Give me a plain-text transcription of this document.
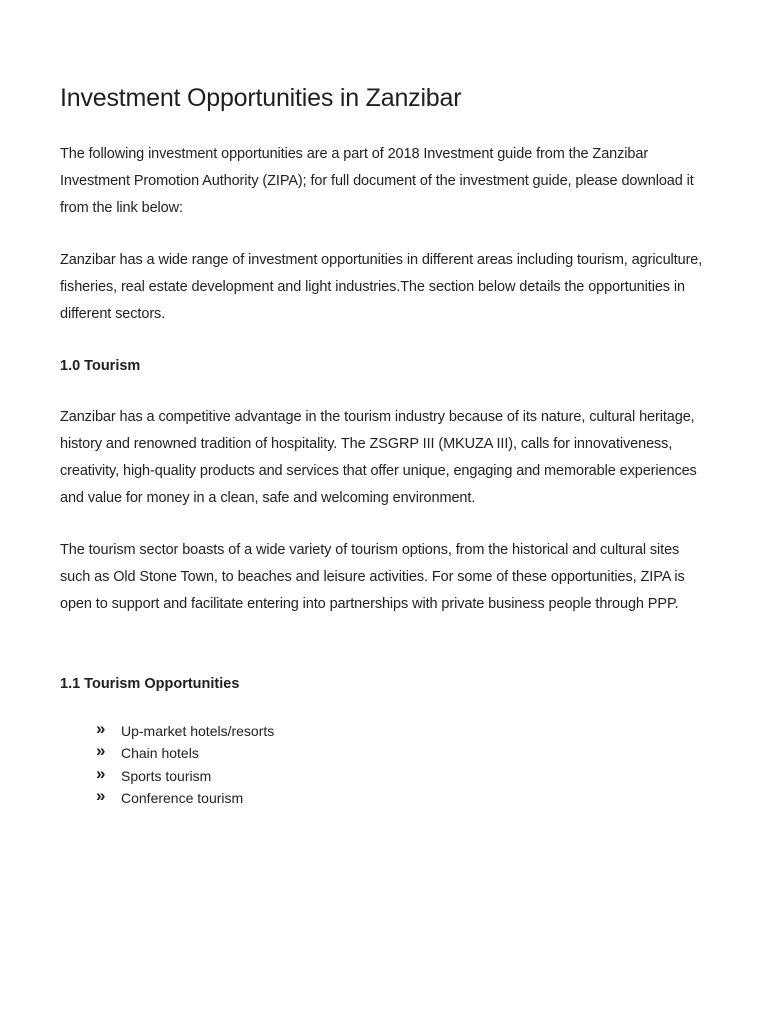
Investment Opportunities in Zanzibar

The following investment opportunities are a part of 2018 Investment guide from the Zanzibar Investment Promotion Authority (ZIPA); for full document of the investment guide, please download it from the link below:

Zanzibar has a wide range of investment opportunities in different areas including tourism, agriculture, fisheries, real estate development and light industries.The section below details the opportunities in different sectors.

1.0 Tourism

Zanzibar has a competitive advantage in the tourism industry because of its nature, cultural heritage, history and renowned tradition of hospitality. The ZSGRP III (MKUZA III), calls for innovativeness, creativity, high-quality products and services that offer unique, engaging and memorable experiences and value for money in a clean, safe and welcoming environment.

The tourism sector boasts of a wide variety of tourism options, from the historical and cultural sites such as Old Stone Town, to beaches and leisure activities. For some of these opportunities, ZIPA is open to support and facilitate entering into partnerships with private business people through PPP.

1.1 Tourism Opportunities
» Up-market hotels/resorts
» Chain hotels
» Sports tourism
» Conference tourism
